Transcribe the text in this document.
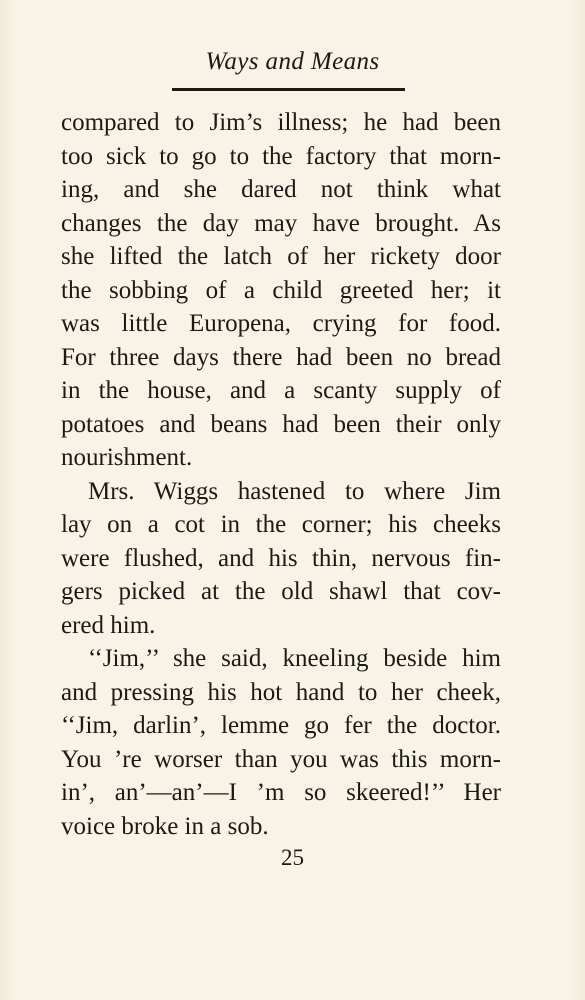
Ways and Means
compared to Jim’s illness; he had been
too sick to go to the factory that morn-
ing, and she dared not think what
changes the day may have brought. As
she lifted the latch of her rickety door
the sobbing of a child greeted her; it
was little Europena, crying for food.
For three days there had been no bread
in the house, and a scanty supply of
potatoes and beans had been their only
nourishment.
Mrs. Wiggs hastened to where Jim
lay on a cot in the corner; his cheeks
were flushed, and his thin, nervous fin-
gers picked at the old shawl that cov-
ered him.
‘‘Jim,’’ she said, kneeling beside him
and pressing his hot hand to her cheek,
‘‘Jim, darlin’, lemme go fer the doctor.
You ’re worser than you was this morn-
in’, an’—an’—I ’m so skeered!’’ Her
voice broke in a sob.
25
